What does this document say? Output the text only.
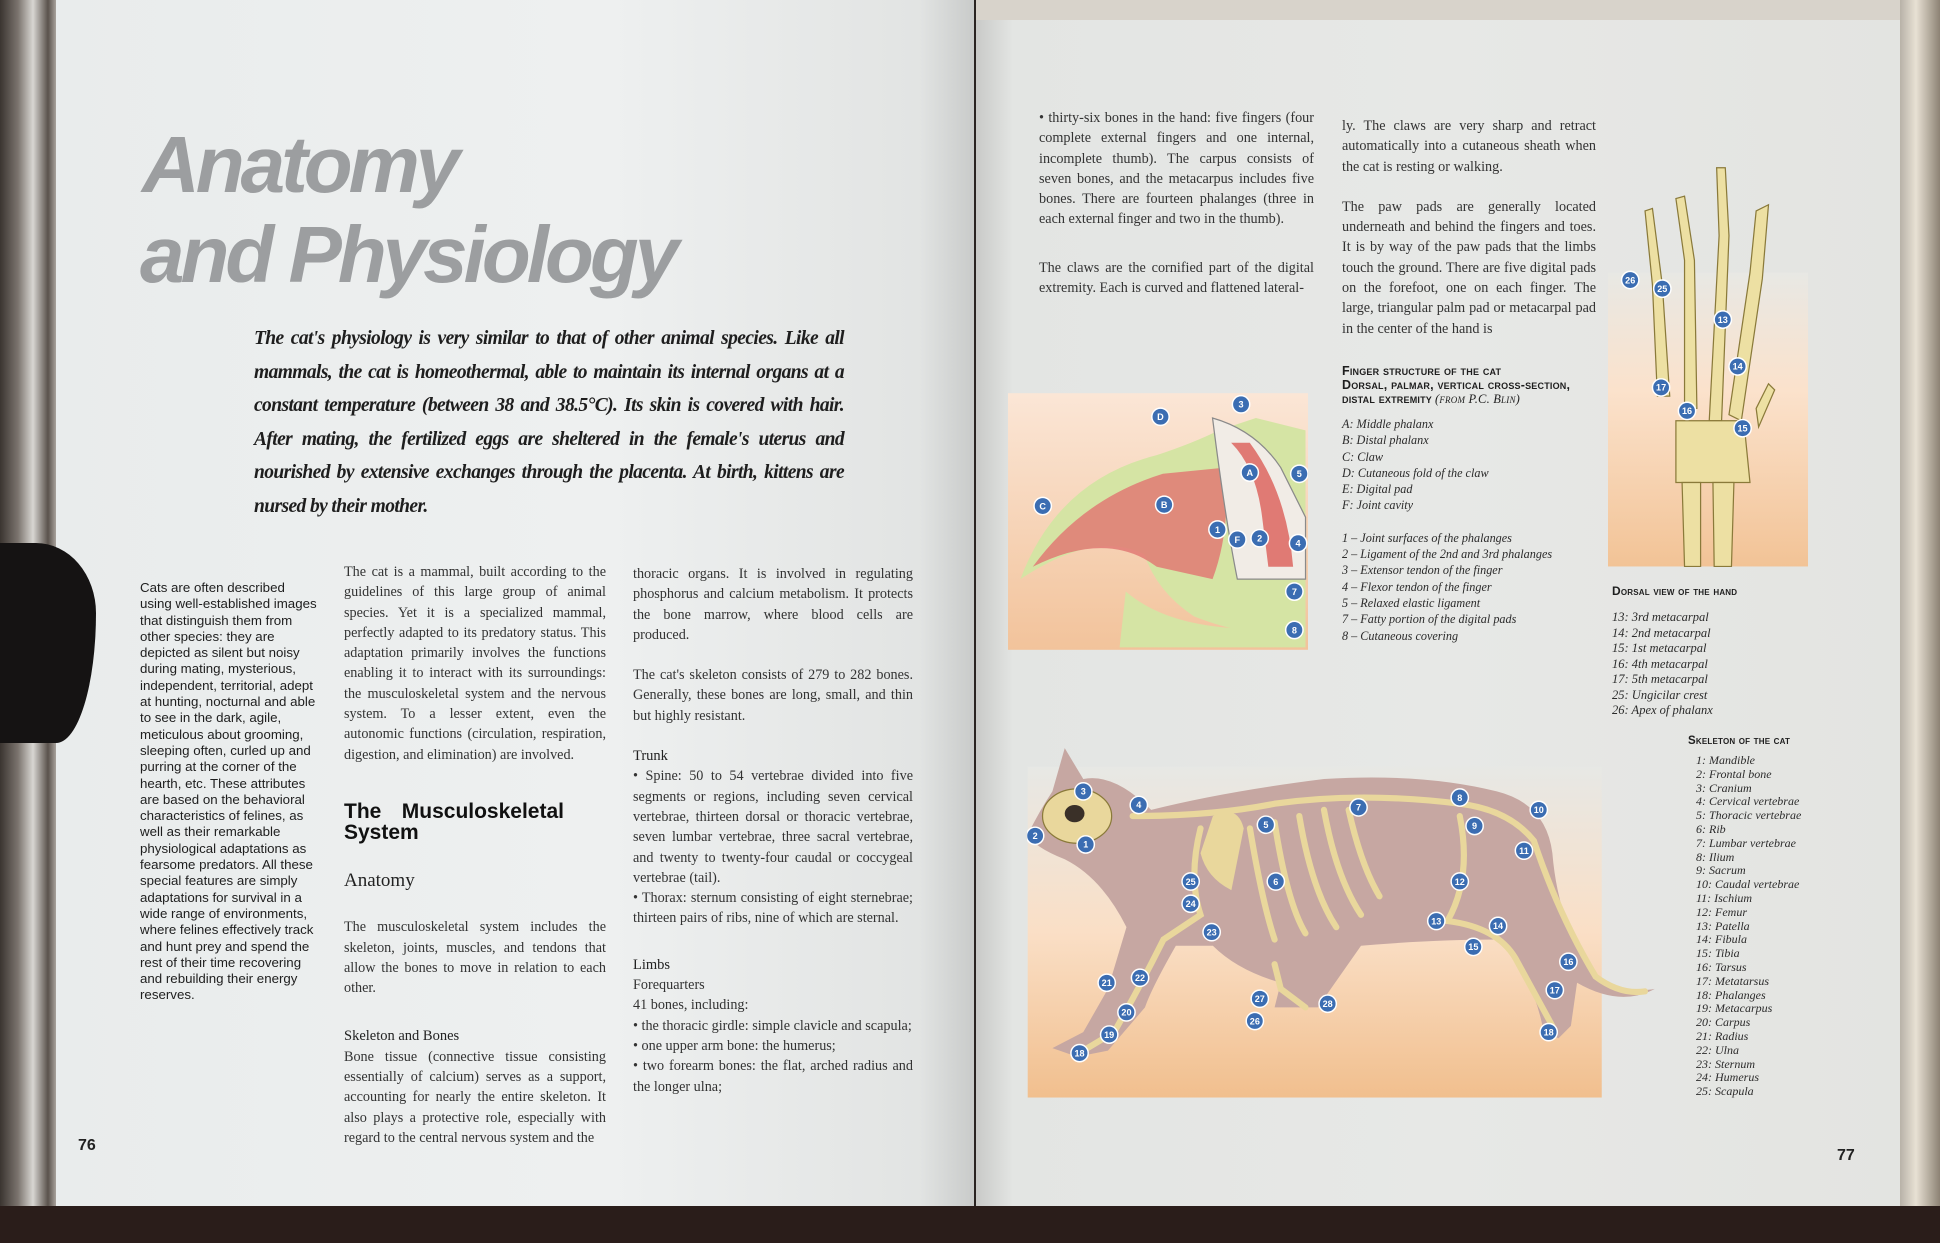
Anatomy
and Physiology
The cat's physiology is very similar to that of other animal species. Like all mammals, the cat is homeothermal, able to maintain its internal organs at a constant temperature (between 38 and 38.5°C). Its skin is covered with hair. After mating, the fertilized eggs are sheltered in the female's uterus and nourished by extensive exchanges through the placenta. At birth, kittens are nursed by their mother.
Cats are often described using well-established images that distinguish them from other species: they are depicted as silent but noisy during mating, mysterious, independent, territorial, adept at hunting, nocturnal and able to see in the dark, agile, meticulous about grooming, sleeping often, curled up and purring at the corner of the hearth, etc. These attributes are based on the behavioral characteristics of felines, as well as their remarkable physiological adaptations as fearsome predators. All these special features are simply adaptations for survival in a wide range of environments, where felines effectively track and hunt prey and spend the rest of their time recovering and rebuilding their energy reserves.

The cat is a mammal, built according to the guidelines of this large group of animal species. Yet it is a specialized mammal, perfectly adapted to its predatory status. This adaptation primarily involves the functions enabling it to interact with its surroundings: the musculoskeletal system and the nervous system. To a lesser extent, even the autonomic functions (circulation, respiration, digestion, and elimination) are involved.

The Musculoskeletal System
Anatomy

The musculoskeletal system includes the skeleton, joints, muscles, and tendons that allow the bones to move in relation to each other.

Skeleton and Bones

Bone tissue (connective tissue consisting essentially of calcium) serves as a support, accounting for nearly the entire skeleton. It also plays a protective role, especially with regard to the central nervous system and the

thoracic organs. It is involved in regulating phosphorus and calcium metabolism. It protects the bone marrow, where blood cells are produced.

The cat's skeleton consists of 279 to 282 bones. Generally, these bones are long, small, and thin but highly resistant.

Trunk

• Spine: 50 to 54 vertebrae divided into five segments or regions, including seven cervical vertebrae, thirteen dorsal or thoracic vertebrae, seven lumbar vertebrae, three sacral vertebrae, and twenty to twenty-four caudal or coccygeal vertebrae (tail).

• Thorax: sternum consisting of eight sternebrae; thirteen pairs of ribs, nine of which are sternal.

Limbs
Forequarters
41 bones, including:
• the thoracic girdle: simple clavicle and scapula;
• one upper arm bone: the humerus;
• two forearm bones: the flat, arched radius and the longer ulna;
76

• thirty-six bones in the hand: five fingers (four complete external fingers and one internal, incomplete thumb). The carpus consists of seven bones, and the metacarpus includes five bones. There are fourteen phalanges (three in each external finger and two in the thumb).

The claws are the cornified part of the digital extremity. Each is curved and flattened lateral-

ly. The claws are very sharp and retract automatically into a cutaneous sheath when the cat is resting or walking.

The paw pads are generally located underneath and behind the fingers and toes. It is by way of the paw pads that the limbs touch the ground. There are five digital pads on the forefoot, one on each finger. The large, triangular palm pad or metacarpal pad in the center of the hand is

Finger structure of the cat
Dorsal, palmar, vertical cross-section,
distal extremity (from P.C. Blin)
A: Middle phalanx
B: Distal phalanx
C: Claw
D: Cutaneous fold of the claw
E: Digital pad
F: Joint cavity
1 – Joint surfaces of the phalanges
2 – Ligament of the 2nd and 3rd phalanges
3 – Extensor tendon of the finger
4 – Flexor tendon of the finger
5 – Relaxed elastic ligament
7 – Fatty portion of the digital pads
8 – Cutaneous covering
Dorsal view of the hand
13: 3rd metacarpal
14: 2nd metacarpal
15: 1st metacarpal
16: 4th metacarpal
17: 5th metacarpal
25: Ungicilar crest
26: Apex of phalanx
Skeleton of the cat
1: Mandible
2: Frontal bone
3: Cranium
4: Cervical vertebrae
5: Thoracic vertebrae
6: Rib
7: Lumbar vertebrae
8: Ilium
9: Sacrum
10: Caudal vertebrae
11: Ischium
12: Femur
13: Patella
14: Fibula
15: Tibia
16: Tarsus
17: Metatarsus
18: Phalanges
19: Metacarpus
20: Carpus
21: Radius
22: Ulna
23: Sternum
24: Humerus
25: Scapula
77
D
3
A	5
B
C
1
F 2	4
7
8
26
25
13
14
17
16
15
3
4
2
1
5
7
8
10
9
11
6
25
24
23
12
13	14
15
16
17
21	22
20
19
18
27	28
26
18
